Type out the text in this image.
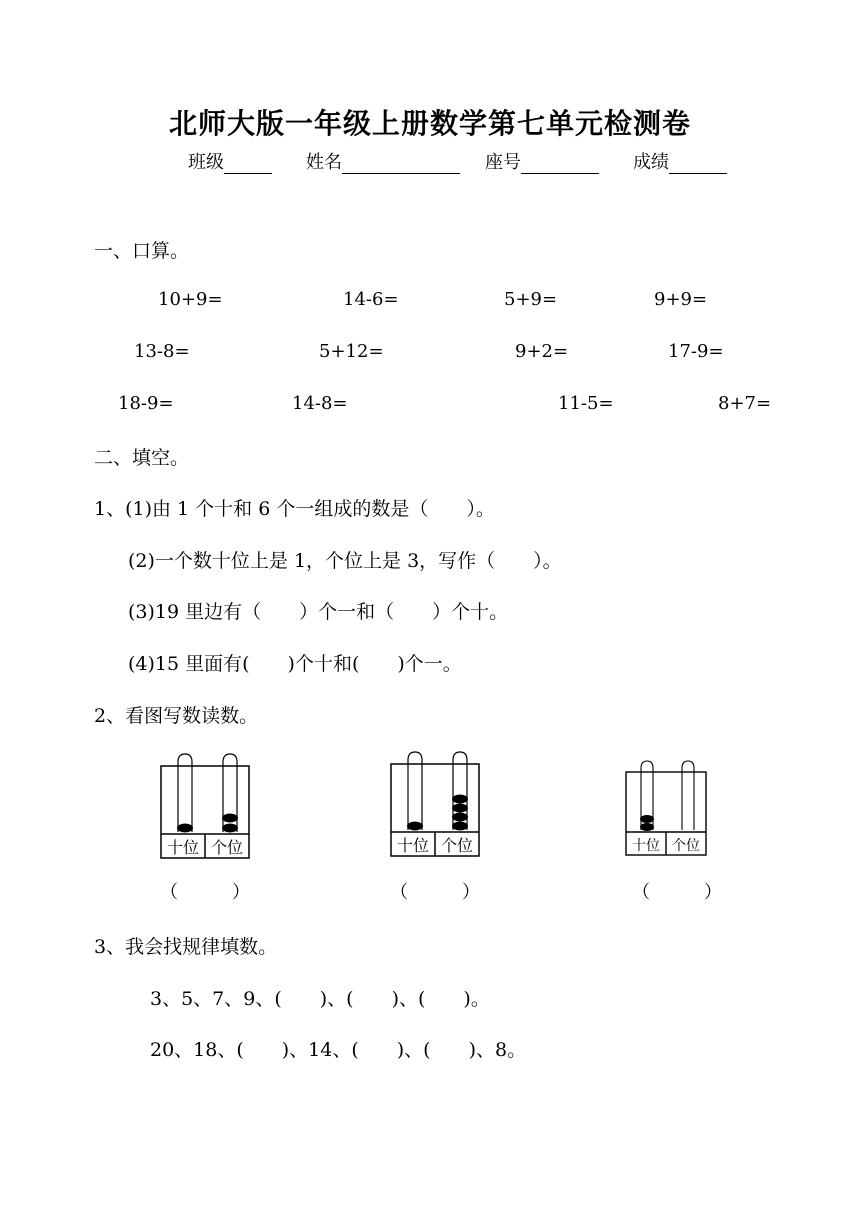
北师大版一年级上册数学第七单元检测卷
班级	姓名	座号	成绩
一、口算。
10+9=	14-6=	5+9=	9+9=
13-8=	5+12=	9+2=	17-9=
18-9=	14-8=	11-5=	8+7=
二、填空。
1、(1)由 1 个十和 6 个一组成的数是（　　）。
(2)一个数十位上是 1，个位上是 3，写作（　　）。
(3)19 里边有（　　）个一和（　　）个十。
(4)15 里面有(　　)个十和(　　)个一。
2、看图写数读数。
十位 个位	十位 个位	十位 个位
（　　　）	（　　　）	（　　　）
3、我会找规律填数。
3、5、7、9、(　　)、(　　)、(　　)。
20、18、(　　)、14、(　　)、(　　)、8。
